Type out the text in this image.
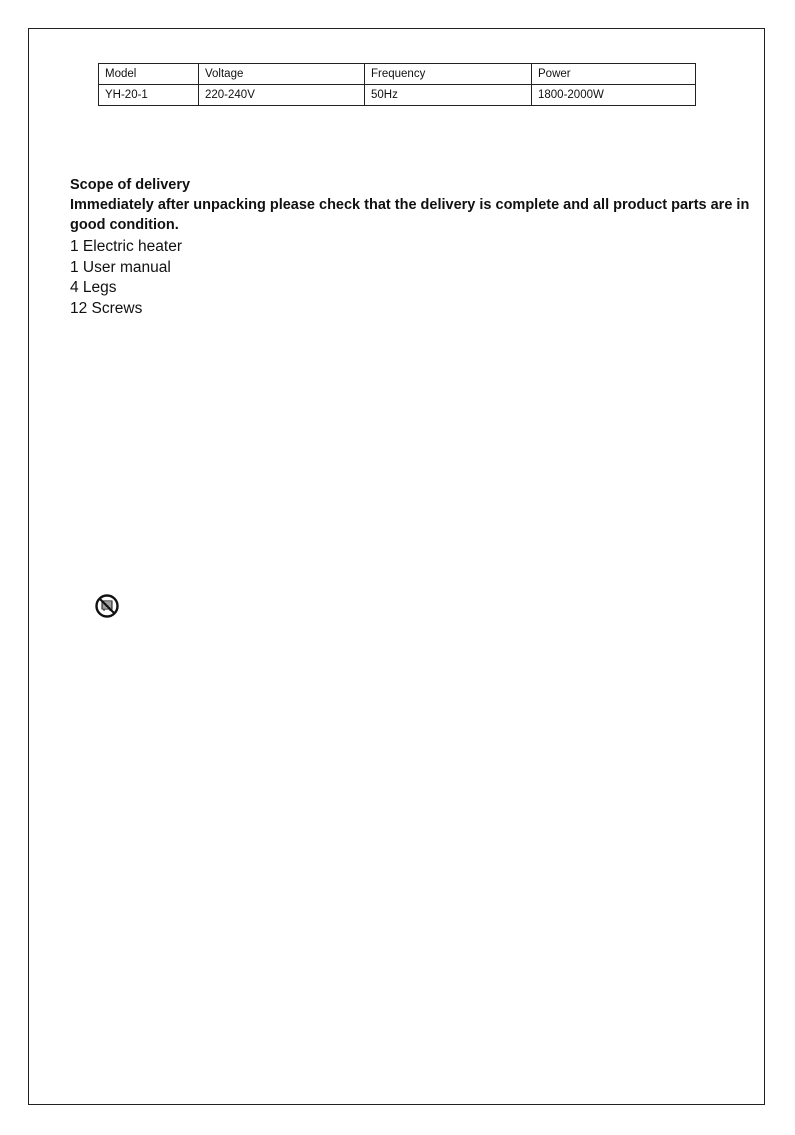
Model	Voltage	Frequency	Power
YH-20-1	220-240V	50Hz	1800-2000W

Scope of delivery

Immediately after unpacking please check that the delivery is complete and all product parts are in good condition.

1 Electric heater
1 User manual
4 Legs
12 Screws
